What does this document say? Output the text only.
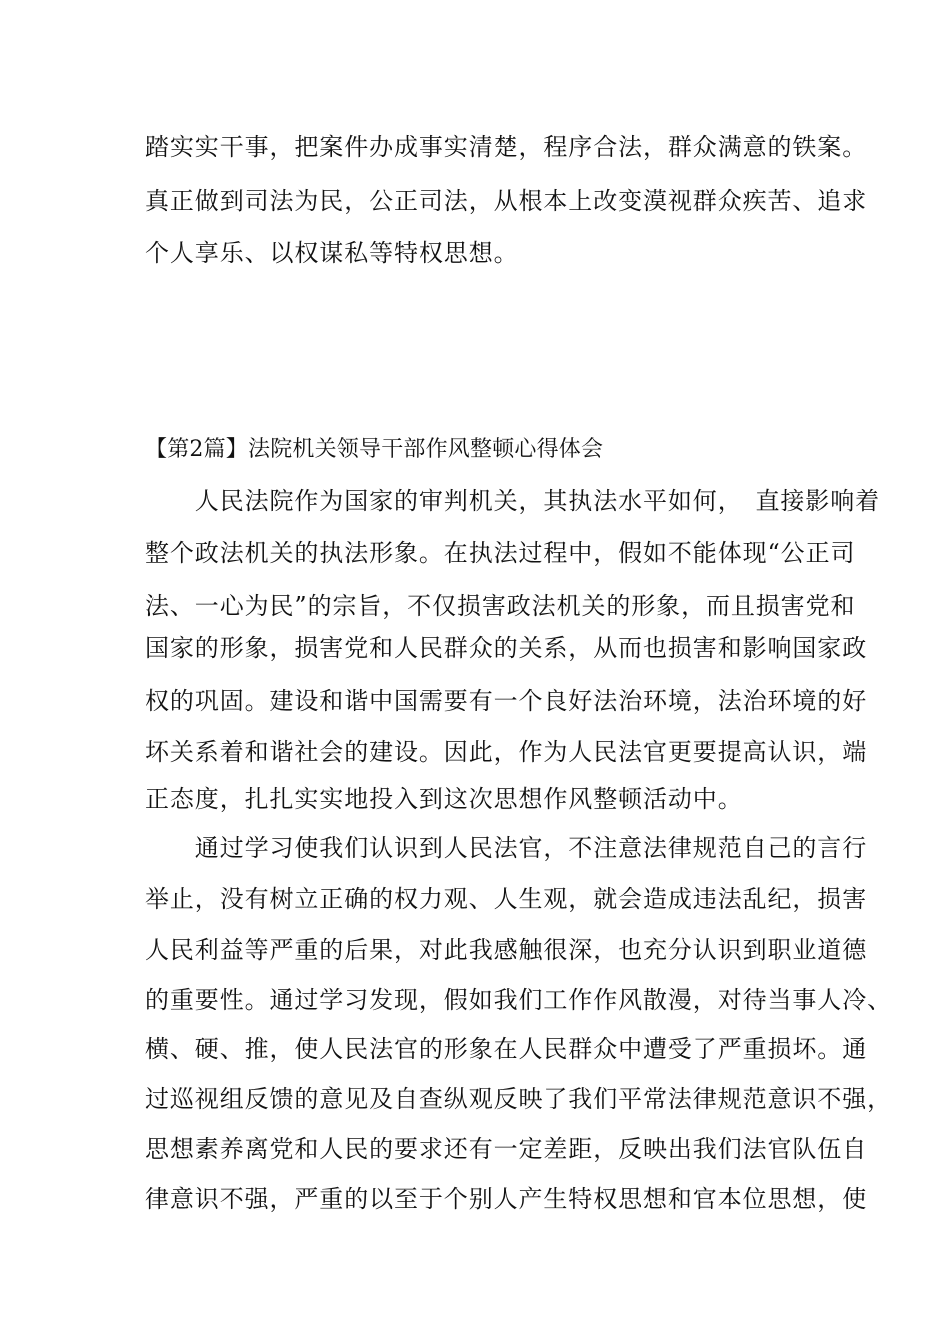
踏实实干事，把案件办成事实清楚，程序合法，群众满意的铁案。
真正做到司法为民，公正司法，从根本上改变漠视群众疾苦、追求
个人享乐、以权谋私等特权思想。
【第2篇】法院机关领导干部作风整顿心得体会
　　人民法院作为国家的审判机关，其执法水平如何，　直接影响着
整个政法机关的执法形象。在执法过程中，假如不能体现“公正司
法、一心为民”的宗旨，不仅损害政法机关的形象，而且损害党和
国家的形象，损害党和人民群众的关系，从而也损害和影响国家政
权的巩固。建设和谐中国需要有一个良好法治环境，法治环境的好
坏关系着和谐社会的建设。因此，作为人民法官更要提高认识，端
正态度，扎扎实实地投入到这次思想作风整顿活动中。
　　通过学习使我们认识到人民法官，不注意法律规范自己的言行
举止，没有树立正确的权力观、人生观，就会造成违法乱纪，损害
人民利益等严重的后果，对此我感触很深，也充分认识到职业道德
的重要性。通过学习发现，假如我们工作作风散漫，对待当事人冷、
横、硬、推，使人民法官的形象在人民群众中遭受了严重损坏。通
过巡视组反馈的意见及自查纵观反映了我们平常法律规范意识不强，
思想素养离党和人民的要求还有一定差距，反映出我们法官队伍自
律意识不强，严重的以至于个别人产生特权思想和官本位思想，使
